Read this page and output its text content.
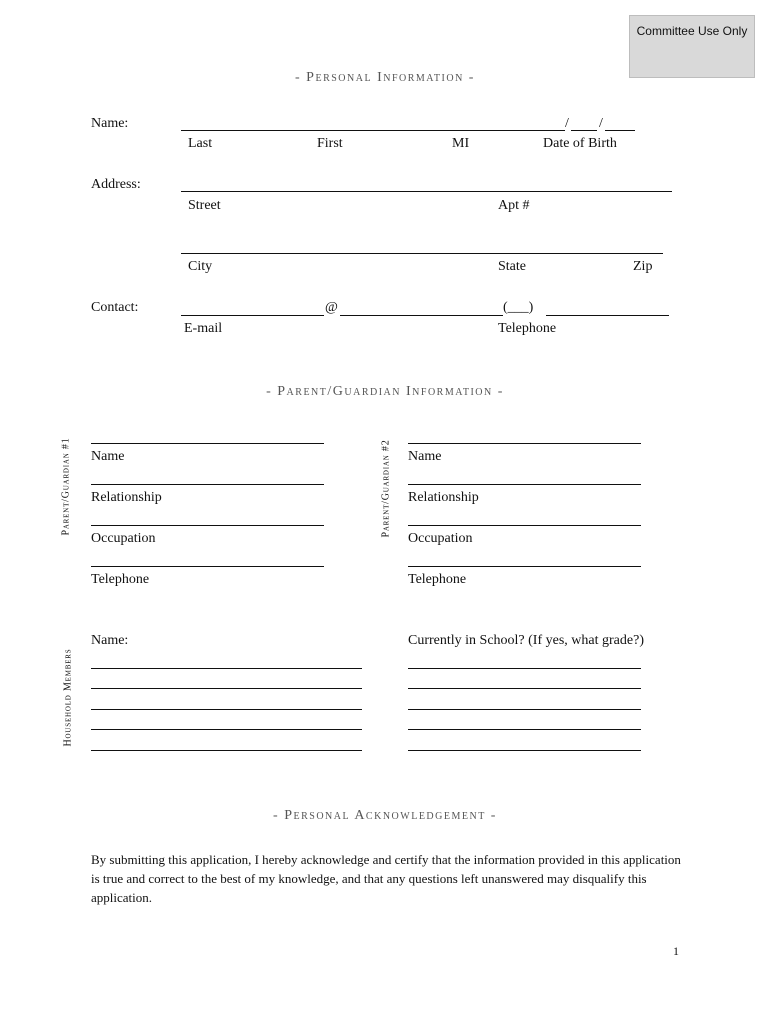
Committee Use Only
- Personal Information -
Name:	/ /
Last	First	MI	Date of Birth
Address:
Street	Apt #
City	State	Zip
Contact:	@	(___)
E-mail	Telephone
- Parent/Guardian Information -
Parent/Guardian #1	Parent/Guardian #2
Name
Relationship
Occupation
Telephone
Name
Relationship
Occupation
Telephone
Household Members
Name:	Currently in School? (If yes, what grade?)
- Personal Acknowledgement -
By submitting this application, I hereby acknowledge and certify that the information provided in this application is true and correct to the best of my knowledge, and that any questions left unanswered may disqualify this application.
1
